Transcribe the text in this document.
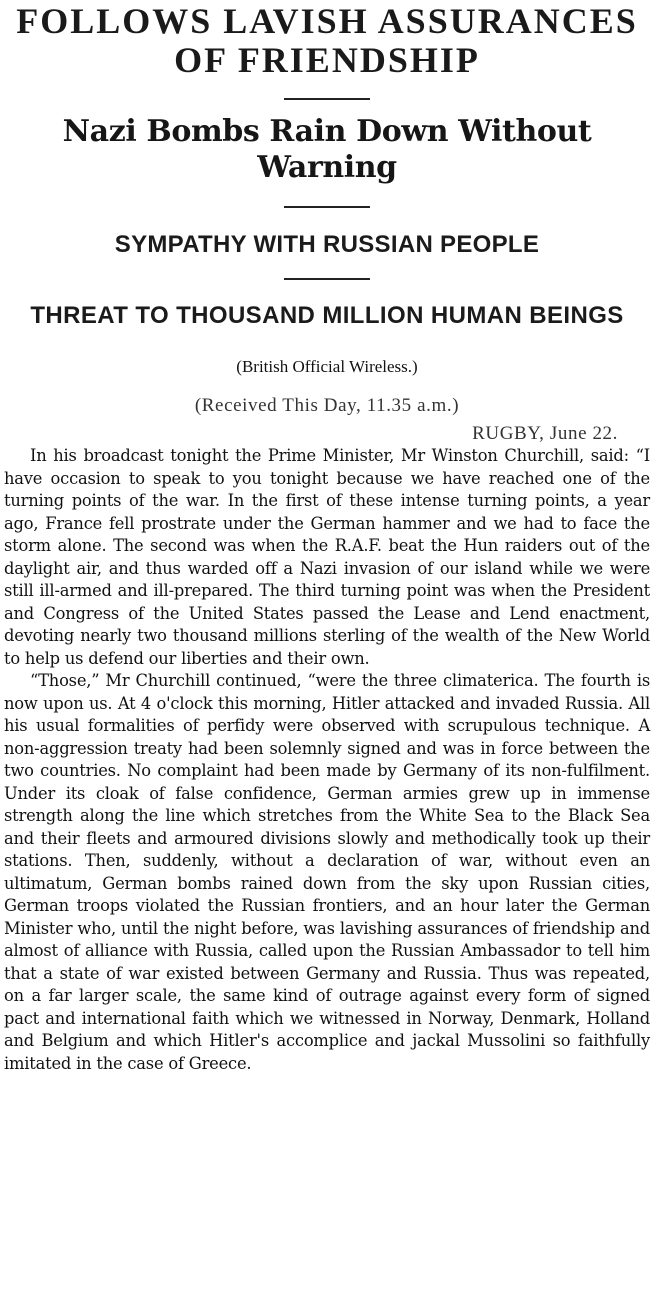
FOLLOWS LAVISH ASSURANCES OF FRIENDSHIP
Nazi Bombs Rain Down Without Warning
SYMPATHY WITH RUSSIAN PEOPLE
THREAT TO THOUSAND MILLION HUMAN BEINGS
(British Official Wireless.)
(Received This Day, 11.35 a.m.)
RUGBY, June 22.

In his broadcast tonight the Prime Minister, Mr Winston Churchill, said: “I have occasion to speak to you tonight because we have reached one of the turning points of the war. In the first of these intense turning points, a year ago, France fell prostrate under the German hammer and we had to face the storm alone. The second was when the R.A.F. beat the Hun raiders out of the daylight air, and thus warded off a Nazi invasion of our island while we were still ill-armed and ill-prepared. The third turning point was when the President and Congress of the United States passed the Lease and Lend enactment, devoting nearly two thousand millions sterling of the wealth of the New World to help us defend our liberties and their own.

“Those,” Mr Churchill continued, “were the three climaterica. The fourth is now upon us. At 4 o'clock this morning, Hitler attacked and invaded Russia. All his usual formalities of perfidy were observed with scrupulous technique. A non-aggression treaty had been solemnly signed and was in force between the two countries. No complaint had been made by Germany of its non-fulfilment. Under its cloak of false confidence, German armies grew up in immense strength along the line which stretches from the White Sea to the Black Sea and their fleets and armoured divisions slowly and methodically took up their stations. Then, suddenly, without a declaration of war, without even an ultimatum, German bombs rained down from the sky upon Russian cities, German troops violated the Russian frontiers, and an hour later the German Minister who, until the night before, was lavishing assurances of friendship and almost of alliance with Russia, called upon the Russian Ambassador to tell him that a state of war existed between Germany and Russia. Thus was repeated, on a far larger scale, the same kind of outrage against every form of signed pact and international faith which we witnessed in Norway, Denmark, Holland and Belgium and which Hitler's accomplice and jackal Mussolini so faithfully imitated in the case of Greece.
